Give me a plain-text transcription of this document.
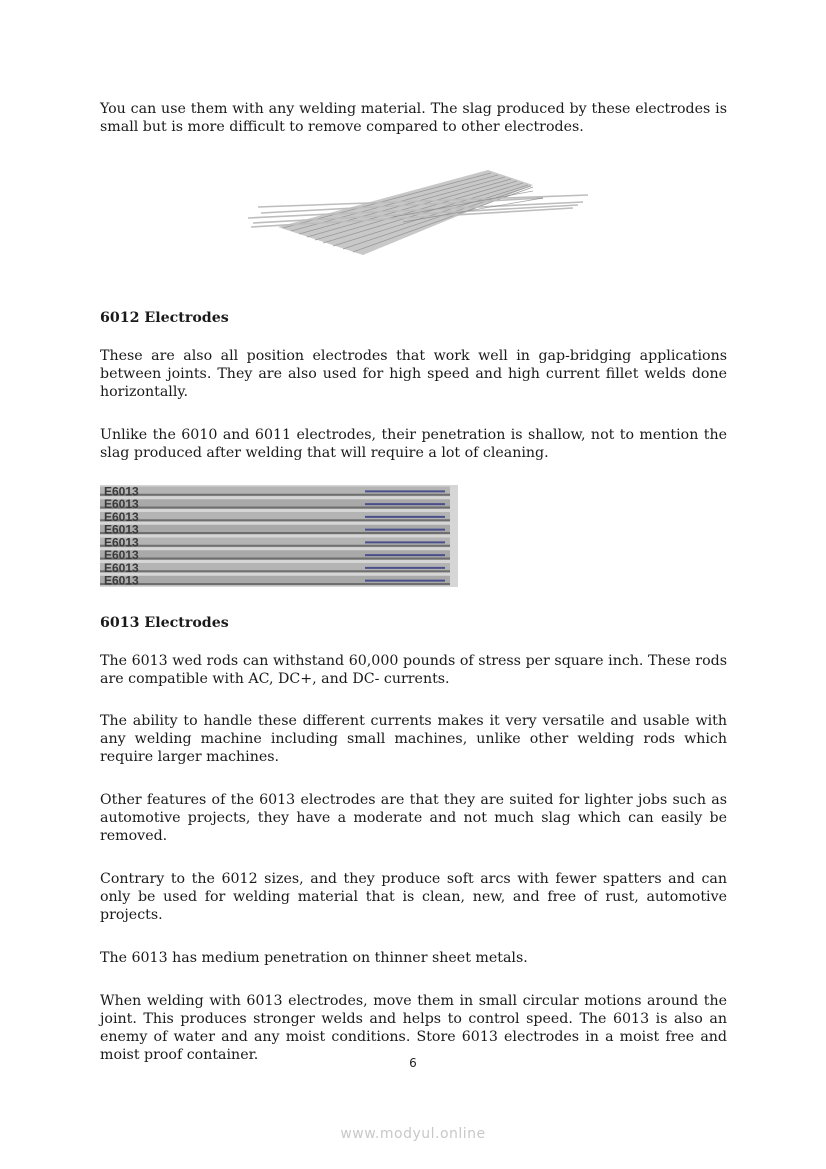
You can use them with any welding material. The slag produced by these electrodes is small but is more difficult to remove compared to other electrodes.

6012 Electrodes

These are also all position electrodes that work well in gap-bridging applications between joints. They are also used for high speed and high current fillet welds done horizontally.

Unlike the 6010 and 6011 electrodes, their penetration is shallow, not to mention the slag produced after welding that will require a lot of cleaning.

6013 Electrodes

The 6013 wed rods can withstand 60,000 pounds of stress per square inch. These rods are compatible with AC, DC+, and DC- currents.

The ability to handle these different currents makes it very versatile and usable with any welding machine including small machines, unlike other welding rods which require larger machines.

Other features of the 6013 electrodes are that they are suited for lighter jobs such as automotive projects, they have a moderate and not much slag which can easily be removed.

Contrary to the 6012 sizes, and they produce soft arcs with fewer spatters and can only be used for welding material that is clean, new, and free of rust, automotive projects.

The 6013 has medium penetration on thinner sheet metals.

When welding with 6013 electrodes, move them in small circular motions around the joint. This produces stronger welds and helps to control speed. The 6013 is also an enemy of water and any moist conditions. Store 6013 electrodes in a moist free and moist proof container.

E6013
E6013
E6013
E6013
E6013
E6013
E6013
E6013
6
www.modyul.online
